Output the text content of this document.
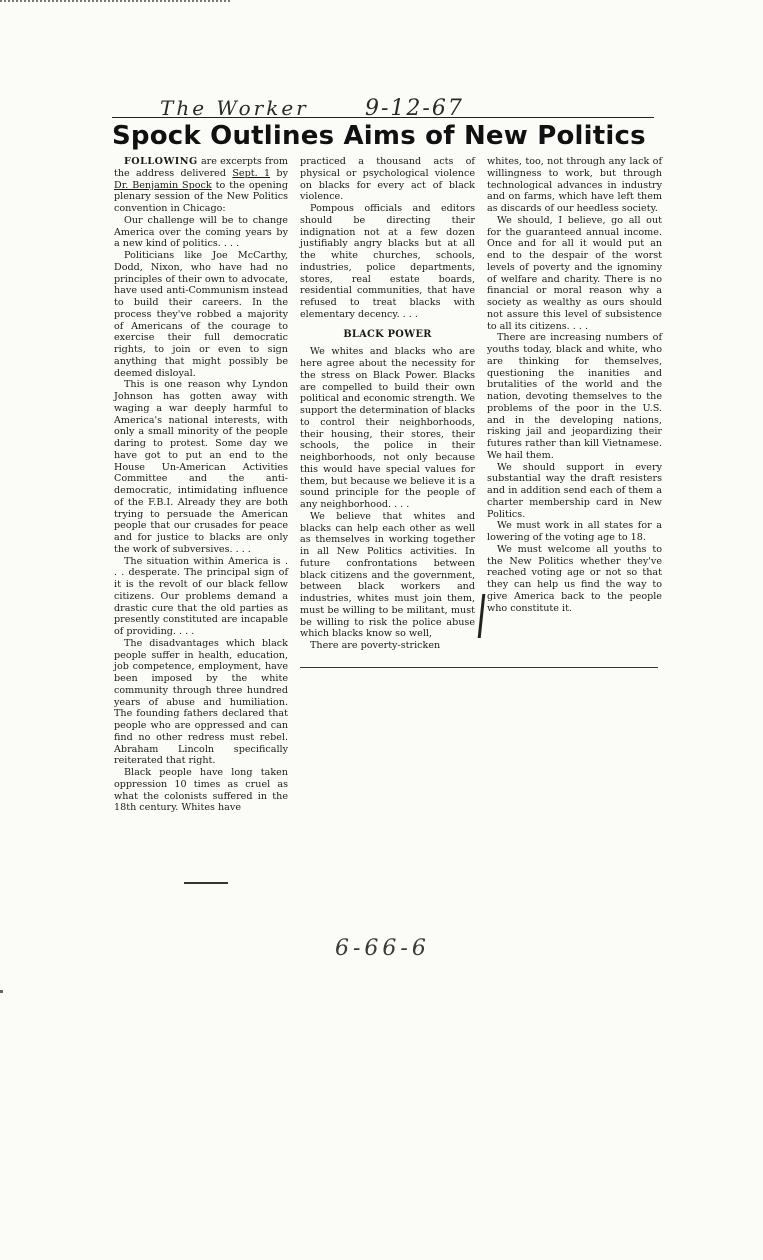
The Worker	9-12-67
Spock Outlines Aims of New Politics

FOLLOWING are excerpts from the address delivered Sept. 1 by Dr. Benjamin Spock to the opening plenary session of the New Politics convention in Chicago:

Our challenge will be to change America over the coming years by a new kind of politics. . . .

Politicians like Joe McCarthy, Dodd, Nixon, who have had no principles of their own to advocate, have used anti-Communism instead to build their careers. In the process they've robbed a majority of Americans of the courage to exercise their full democratic rights, to join or even to sign anything that might possibly be deemed disloyal.

This is one reason why Lyndon Johnson has gotten away with waging a war deeply harmful to America's national interests, with only a small minority of the people daring to protest. Some day we have got to put an end to the House Un-American Activities Committee and the anti-democratic, intimidating influence of the F.B.I. Already they are both trying to persuade the American people that our crusades for peace and for justice to blacks are only the work of subversives. . . .

The situation within America is . . . desperate. The principal sign of it is the revolt of our black fellow citizens. Our problems demand a drastic cure that the old parties as presently constituted are incapable of providing. . . .

The disadvantages which black people suffer in health, education, job competence, employment, have been imposed by the white community through three hundred years of abuse and humiliation. The founding fathers declared that people who are oppressed and can find no other redress must rebel. Abraham Lincoln specifically reiterated that right.

Black people have long taken oppression 10 times as cruel as what the colonists suffered in the 18th century. Whites have

practiced a thousand acts of physical or psychological violence on blacks for every act of black violence.

Pompous officials and editors should be directing their indignation not at a few dozen justifiably angry blacks but at all the white churches, schools, industries, police departments, stores, real estate boards, residential communities, that have refused to treat blacks with elementary decency. . . .

BLACK POWER

We whites and blacks who are here agree about the necessity for the stress on Black Power. Blacks are compelled to build their own political and economic strength. We support the determination of blacks to control their neighborhoods, their housing, their stores, their schools, the police in their neighborhoods, not only because this would have special values for them, but because we believe it is a sound principle for the people of any neighborhood. . . .

We believe that whites and blacks can help each other as well as themselves in working together in all New Politics activities. In future confrontations between black citizens and the government, between black workers and industries, whites must join them, must be willing to be militant, must be willing to risk the police abuse which blacks know so well,

There are poverty-stricken

whites, too, not through any lack of willingness to work, but through technological advances in industry and on farms, which have left them as discards of our heedless society.

We should, I believe, go all out for the guaranteed annual income. Once and for all it would put an end to the despair of the worst levels of poverty and the ignominy of welfare and charity. There is no financial or moral reason why a society as wealthy as ours should not assure this level of subsistence to all its citizens. . . .

There are increasing numbers of youths today, black and white, who are thinking for themselves, questioning the inanities and brutalities of the world and the nation, devoting themselves to the problems of the poor in the U.S. and in the developing nations, risking jail and jeopardizing their futures rather than kill Vietnamese. We hail them.

We should support in every substantial way the draft resisters and in addition send each of them a charter membership card in New Politics.

We must work in all states for a lowering of the voting age to 18.

We must welcome all youths to the New Politics whether they've reached voting age or not so that they can help us find the way to give America back to the people who constitute it.

6-66-6
